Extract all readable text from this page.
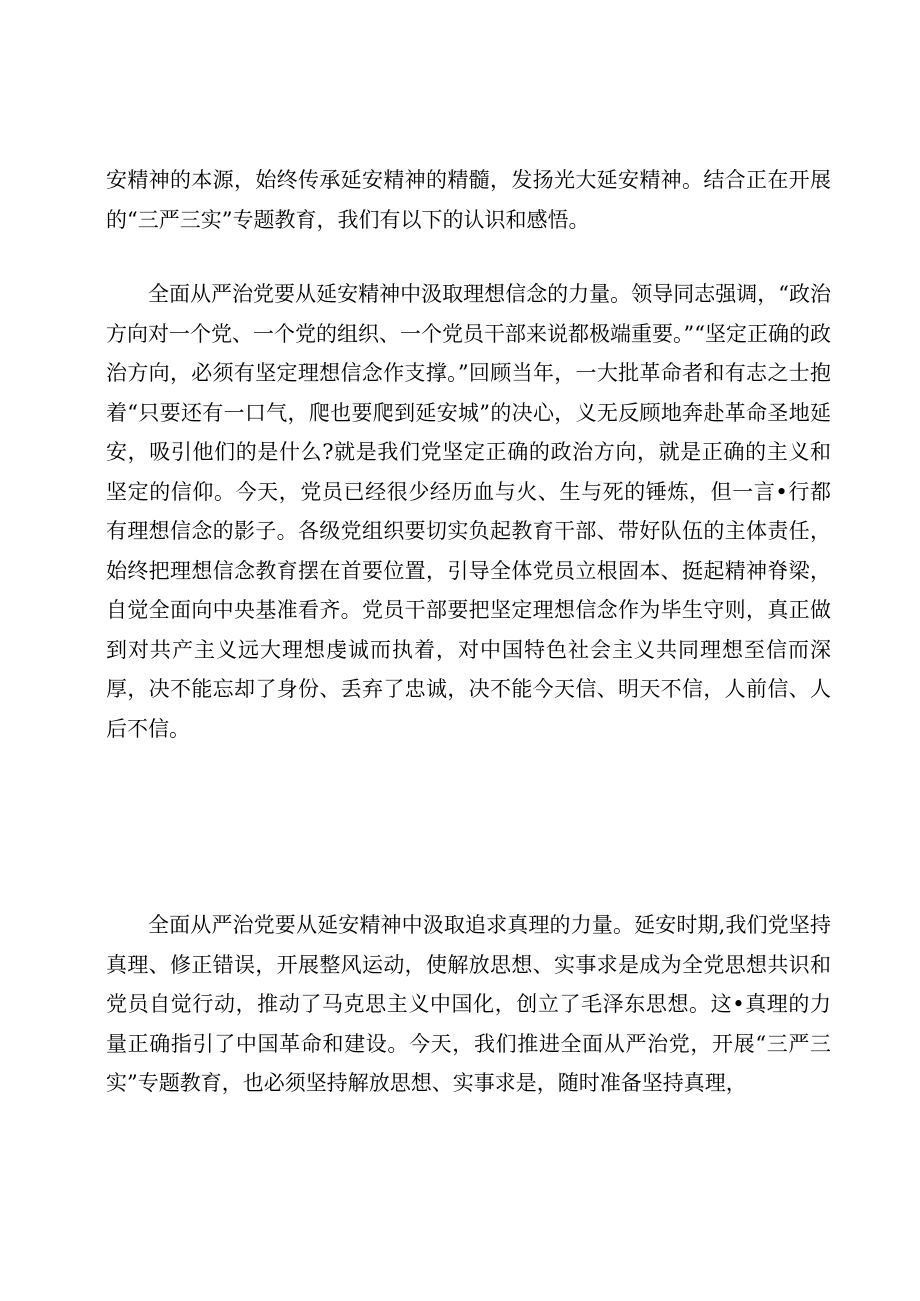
安精神的本源，始终传承延安精神的精髓，发扬光大延安精神。结合正在开展的“三严三实”专题教育，我们有以下的认识和感悟。

全面从严治党要从延安精神中汲取理想信念的力量。领导同志强调，“政治方向对一个党、一个党的组织、一个党员干部来说都极端重要。”“坚定正确的政治方向，必须有坚定理想信念作支撑。”回顾当年，一大批革命者和有志之士抱着“只要还有一口气，爬也要爬到延安城”的决心，义无反顾地奔赴革命圣地延安，吸引他们的是什么?就是我们党坚定正确的政治方向，就是正确的主义和坚定的信仰。今天，党员已经很少经历血与火、生与死的锤炼，但一言•行都有理想信念的影子。各级党组织要切实负起教育干部、带好队伍的主体责任，始终把理想信念教育摆在首要位置，引导全体党员立根固本、挺起精神脊梁，自觉全面向中央基准看齐。党员干部要把坚定理想信念作为毕生守则，真正做到对共产主义远大理想虔诚而执着，对中国特色社会主义共同理想至信而深厚，决不能忘却了身份、丢弃了忠诚，决不能今天信、明天不信，人前信、人后不信。

全面从严治党要从延安精神中汲取追求真理的力量。延安时期,我们党坚持真理、修正错误，开展整风运动，使解放思想、实事求是成为全党思想共识和党员自觉行动，推动了马克思主义中国化，创立了毛泽东思想。这•真理的力量正确指引了中国革命和建设。今天，我们推进全面从严治党，开展“三严三实”专题教育，也必须坚持解放思想、实事求是，随时准备坚持真理，
